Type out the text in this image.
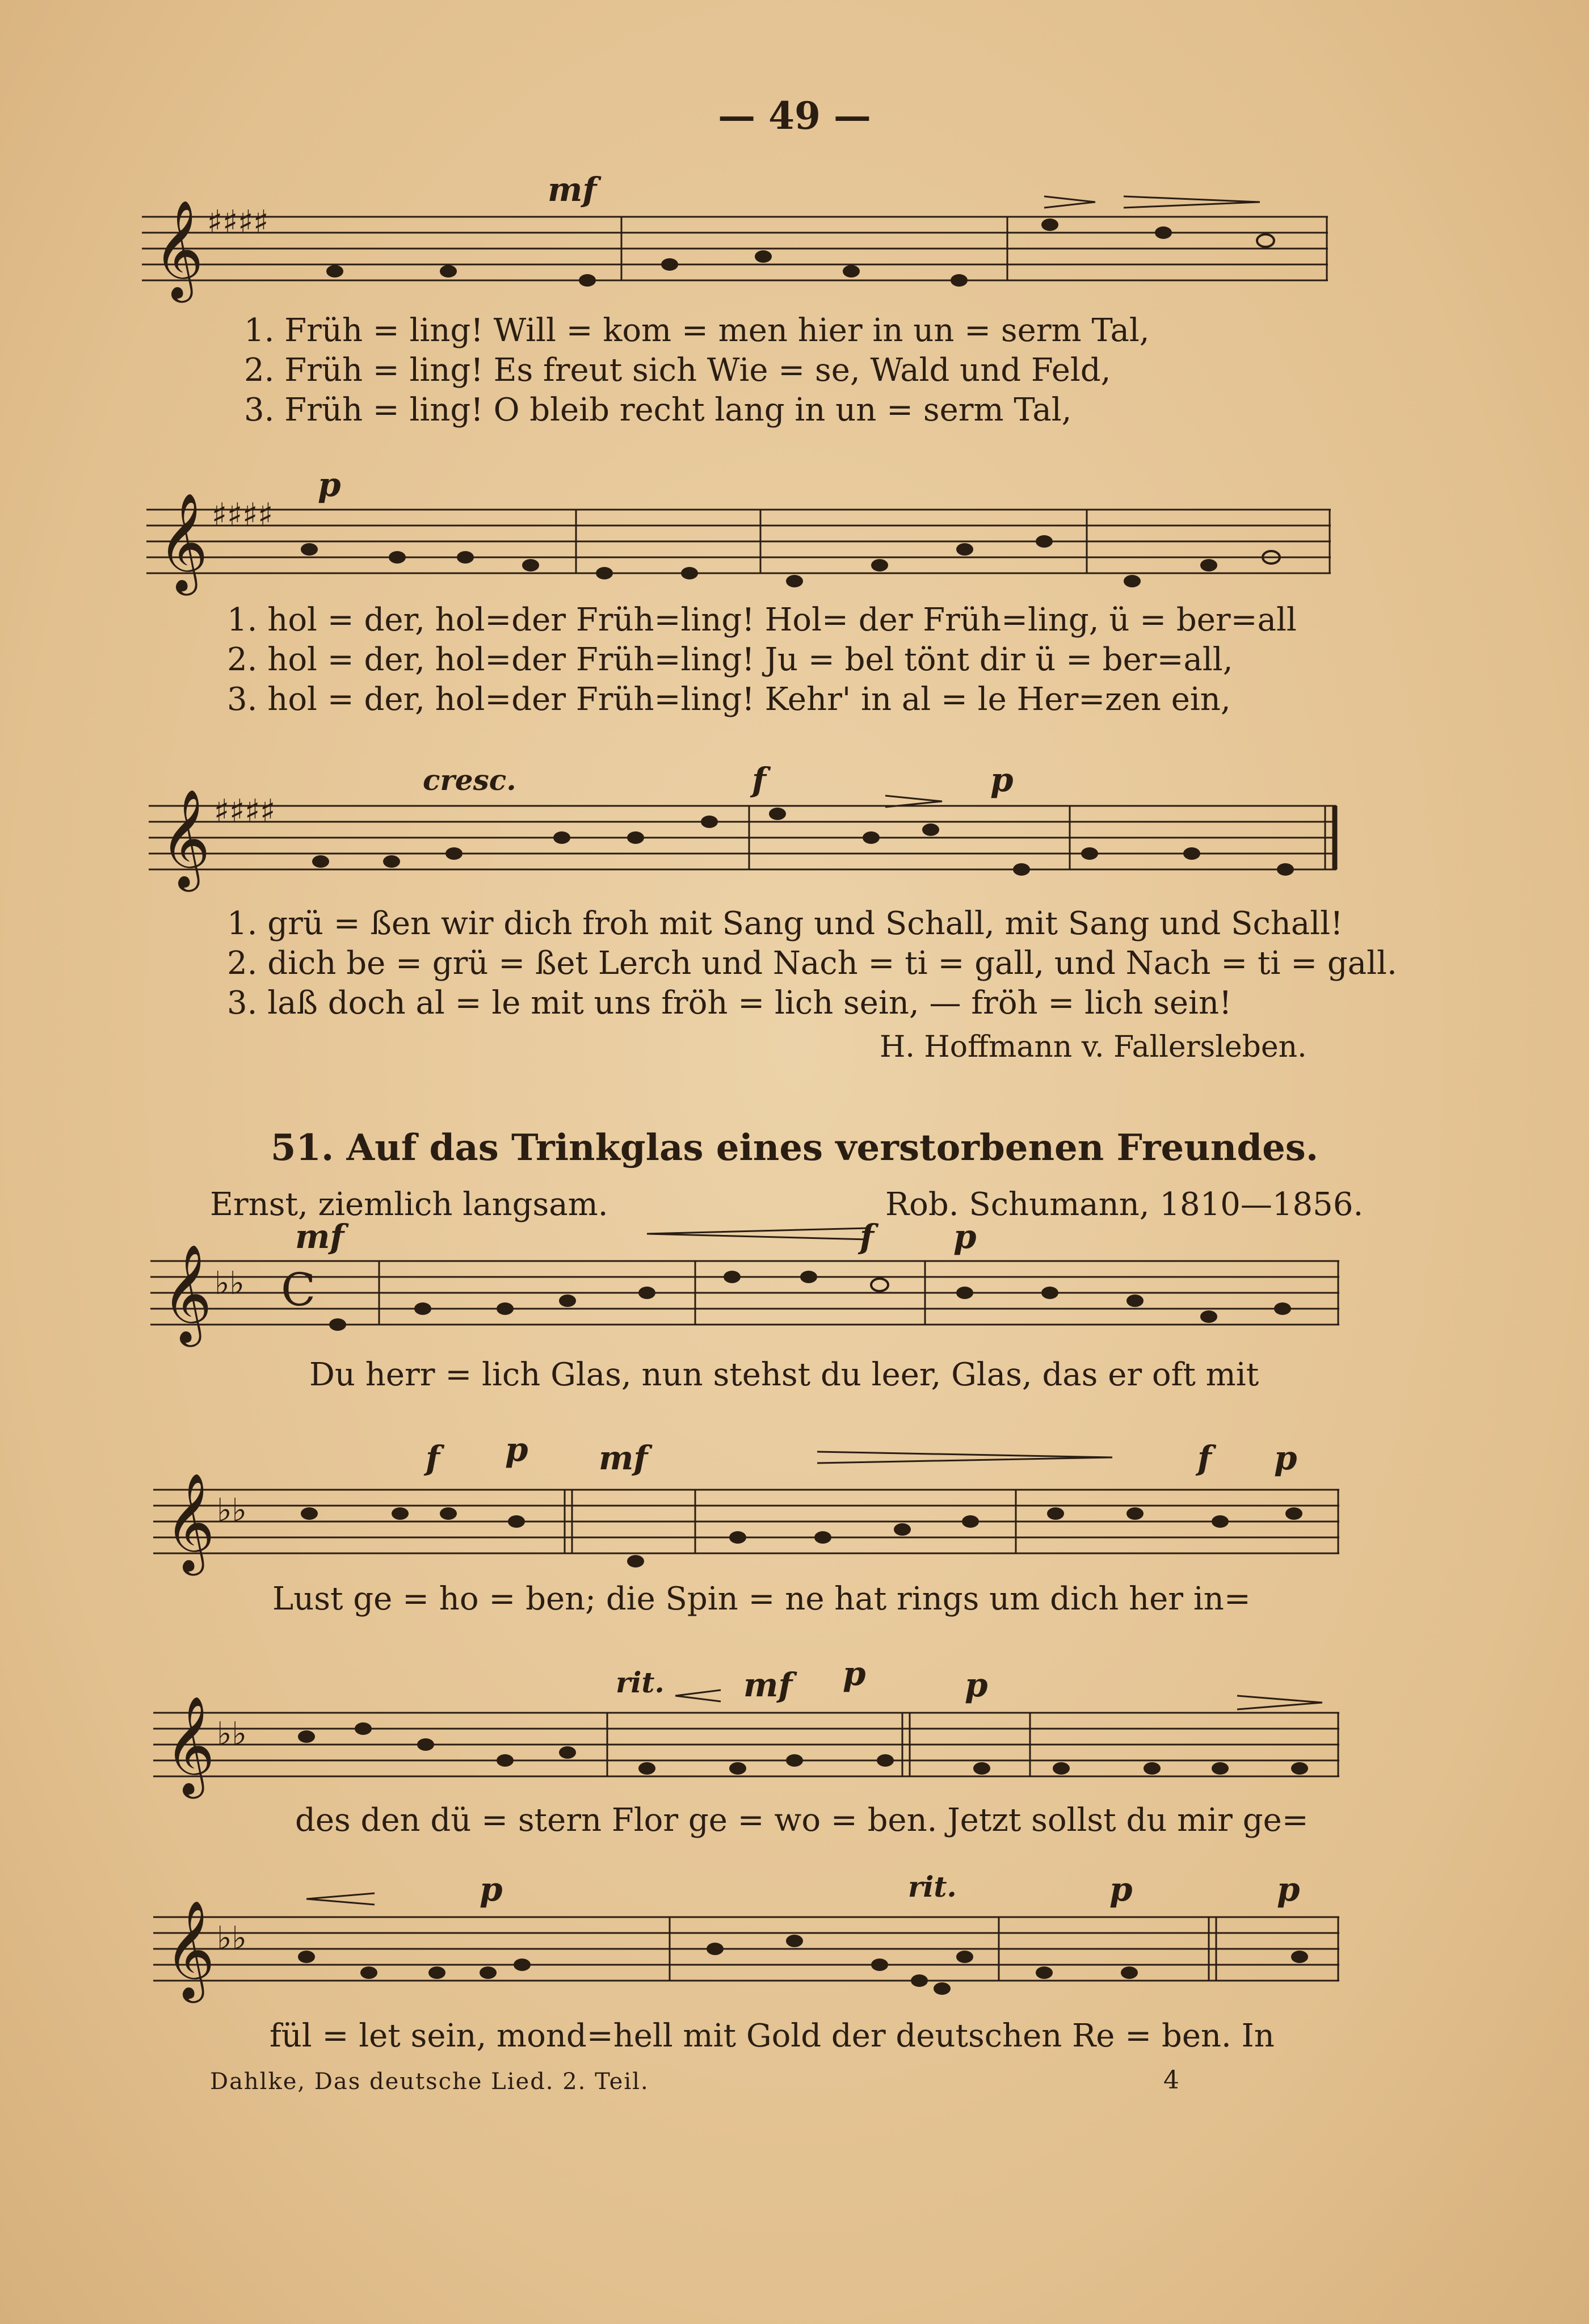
— 49 —
𝄞
𝄞
𝄞
𝄞
𝄞
𝄞
𝄞
♯♯♯♯
♯♯♯♯
♯♯♯♯
♭♭
♭♭
♭♭
♭♭
C
mf
p
cresc.	f	p
1. Früh = ling! Will = kom = men hier in un = serm Tal,
2. Früh = ling! Es freut sich Wie = se, Wald und Feld,
3. Früh = ling! O bleib recht lang in un = serm Tal,
1. hol = der, hol=der Früh=ling! Hol= der Früh=ling, ü = ber=all
2. hol = der, hol=der Früh=ling! Ju = bel tönt dir ü = ber=all,
3. hol = der, hol=der Früh=ling! Kehr' in al = le Her=zen ein,
1. grü = ßen wir dich froh mit Sang und Schall, mit Sang und Schall!
2. dich be = grü = ßet Lerch und Nach = ti = gall, und Nach = ti = gall.
3. laß doch al = le mit uns fröh = lich sein, — fröh = lich sein!
H. Hoffmann v. Fallersleben.
51. Auf das Trinkglas eines verstorbenen Freundes.
Ernst, ziemlich langsam.	Rob. Schumann, 1810—1856.
mf	f p
f p mf	f p
rit. mf p	p
p	rit.	p	p
Du herr = lich Glas, nun stehst du leer, Glas, das er oft mit
Lust ge = ho = ben; die Spin = ne hat rings um dich her in=
des den dü = stern Flor ge = wo = ben. Jetzt sollst du mir ge=
fül = let sein, mond=hell mit Gold der deutschen Re = ben. In
Dahlke, Das deutsche Lied. 2. Teil.	4
